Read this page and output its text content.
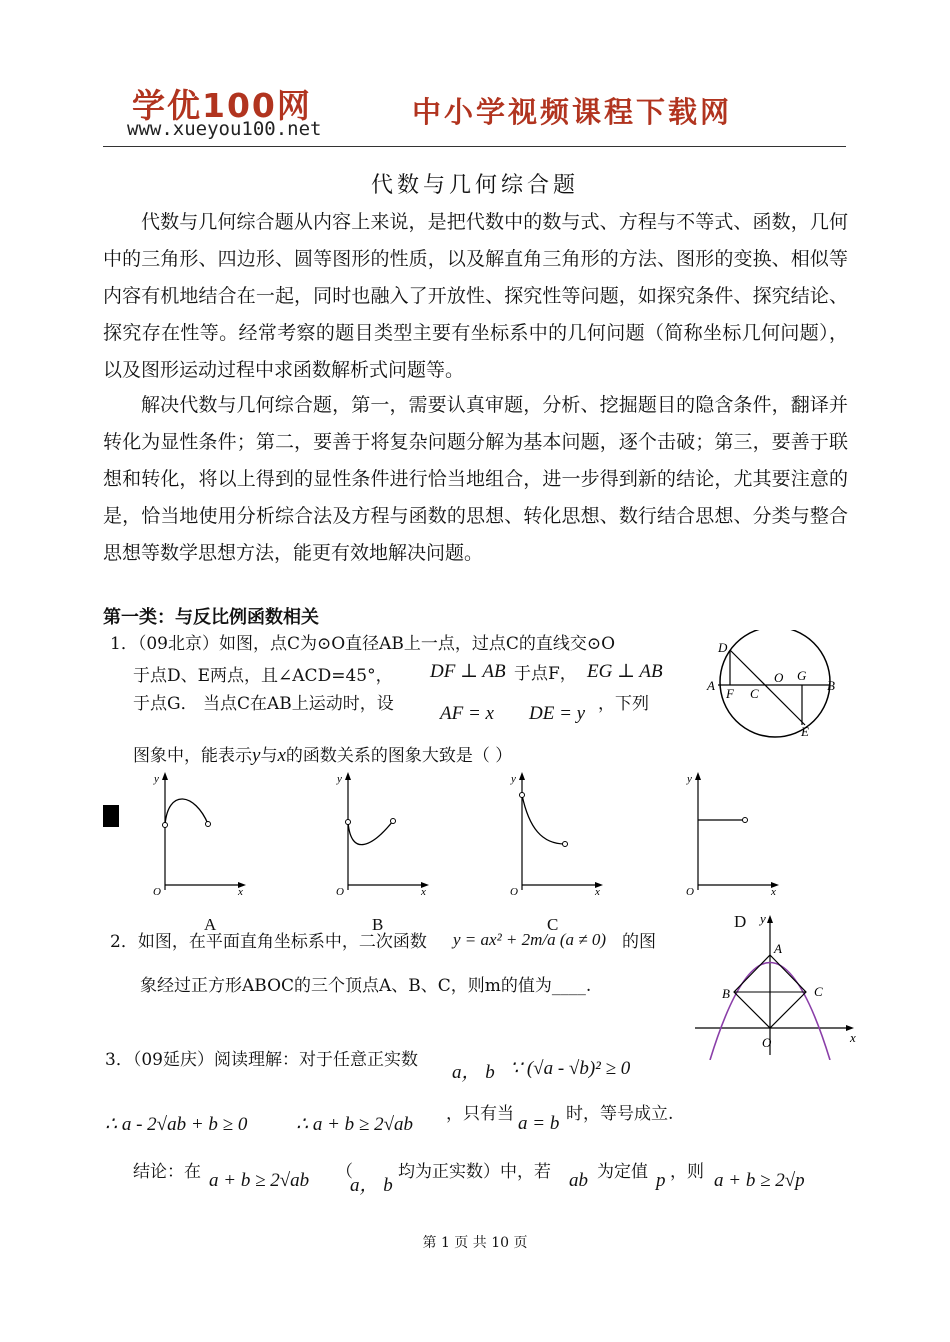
学优100网
www.xueyou100.net	中小学视频课程下载网
代数与几何综合题

代数与几何综合题从内容上来说，是把代数中的数与式、方程与不等式、函数，几何中的三角形、四边形、圆等图形的性质，以及解直角三角形的方法、图形的变换、相似等内容有机地结合在一起，同时也融入了开放性、探究性等问题，如探究条件、探究结论、探究存在性等。经常考察的题目类型主要有坐标系中的几何问题（简称坐标几何问题），以及图形运动过程中求函数解析式问题等。

解决代数与几何综合题，第一，需要认真审题，分析、挖掘题目的隐含条件，翻译并转化为显性条件；第二，要善于将复杂问题分解为基本问题，逐个击破；第三，要善于联想和转化，将以上得到的显性条件进行恰当地组合，进一步得到新的结论，尤其要注意的是，恰当地使用分析综合法及方程与函数的思想、转化思想、数行结合思想、分类与整合思想等数学思想方法，能更有效地解决问题。

第一类：与反比例函数相关
1．（09北京）如图，点C为⊙O直径AB上一点，过点C的直线交⊙O
于点D、E两点，且∠ACD=45°， DF ⊥ AB 于点F， EG ⊥ AB
于点G． 当点C在AB上运动时，设 AF = x DE = y ，下列
图象中，能表示y与x的函数关系的图象大致是（ ）
D
A
F C
O G
B
E
y
x
O
y
x
O
y
x
O
y
x
O
A	B	C	D
2．如图，在平面直角坐标系中，二次函数 y = ax² + 2m/a (a ≠ 0) 的图
象经过正方形ABOC的三个顶点A、B、C，则m的值为____.
y
A
B	C
O	x
3．（09延庆）阅读理解：对于任意正实数
a， b ∵ (√a - √b)² ≥ 0
∴ a - 2√ab + b ≥ 0	∴ a + b ≥ 2√ab ，只有当 a = b 时，等号成立.
结论：在 a + b ≥ 2√ab （
a， b
均为正实数）中，若 ab 为定值 p ，则 a + b ≥ 2√p
第 1 页 共 10 页
